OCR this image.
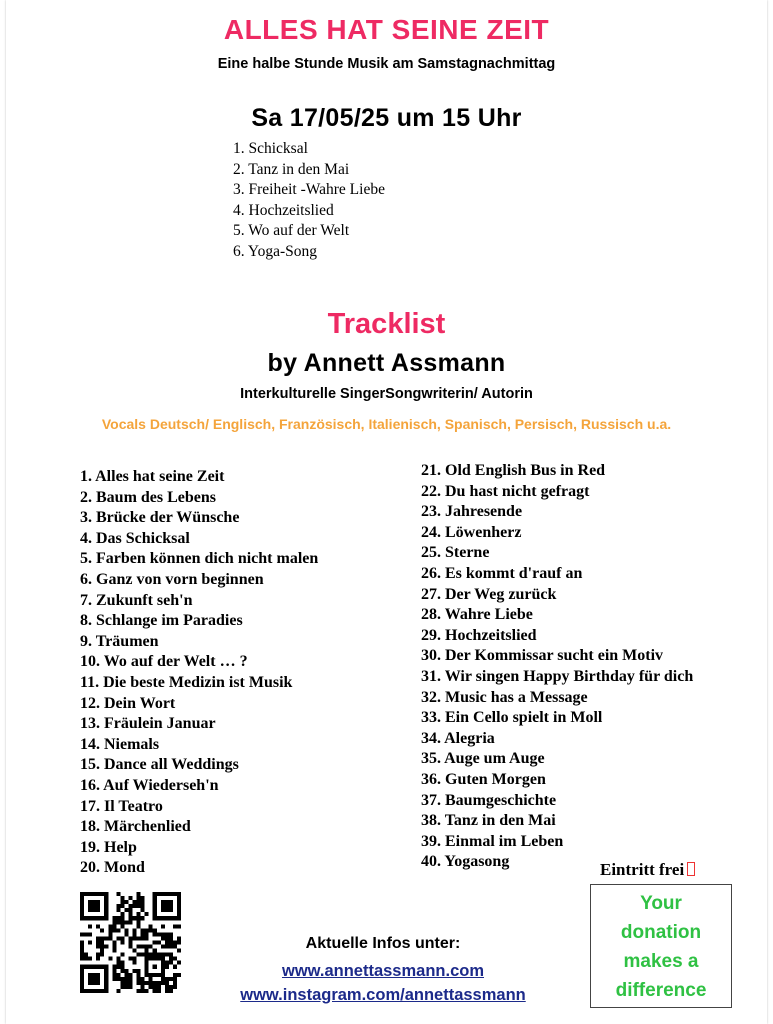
ALLES HAT SEINE ZEIT
Eine halbe Stunde Musik am Samstagnachmittag
Sa 17/05/25 um 15 Uhr
1. Schicksal
2. Tanz in den Mai
3. Freiheit -Wahre Liebe
4. Hochzeitslied
5. Wo auf der Welt
6. Yoga-Song
Tracklist
by Annett Assmann
Interkulturelle SingerSongwriterin/ Autorin
Vocals Deutsch/ Englisch, Französisch, Italienisch, Spanisch, Persisch, Russisch u.a.
1. Alles hat seine Zeit
2. Baum des Lebens
3. Brücke der Wünsche
4. Das Schicksal
5. Farben können dich nicht malen
6. Ganz von vorn beginnen
7. Zukunft seh'n
8. Schlange im Paradies
9. Träumen
10. Wo auf der Welt … ?
11. Die beste Medizin ist Musik
12. Dein Wort
13. Fräulein Januar
14. Niemals
15. Dance all Weddings
16. Auf Wiederseh'n
17. Il Teatro
18. Märchenlied
19. Help
20. Mond
21. Old English Bus in Red
22. Du hast nicht gefragt
23. Jahresende
24. Löwenherz
25. Sterne
26. Es kommt d'rauf an
27. Der Weg zurück
28. Wahre Liebe
29. Hochzeitslied
30. Der Kommissar sucht ein Motiv
31. Wir singen Happy Birthday für dich
32. Music has a Message
33. Ein Cello spielt in Moll
34. Alegria
35. Auge um Auge
36. Guten Morgen
37. Baumgeschichte
38. Tanz in den Mai
39. Einmal im Leben
40. Yogasong	Eintritt frei
Your
donation
makes a
difference
Aktuelle Infos unter:
www.annettassmann.com
www.instagram.com/annettassmann
